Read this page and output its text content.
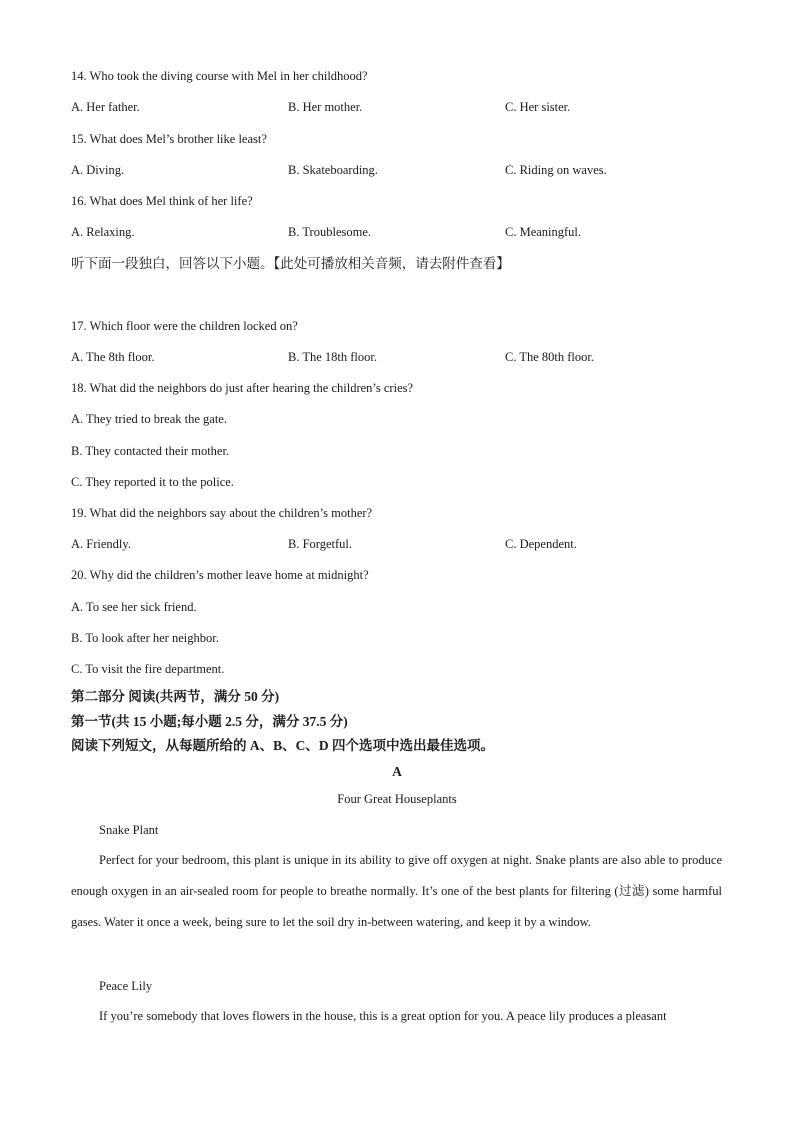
14. Who took the diving course with Mel in her childhood?
A. Her father.	B. Her mother.	C. Her sister.
15. What does Mel’s brother like least?
A. Diving.	B. Skateboarding.	C. Riding on waves.
16. What does Mel think of her life?
A. Relaxing.	B. Troublesome.	C. Meaningful.
听下面一段独白，回答以下小题。【此处可播放相关音频，请去附件查看】
17. Which floor were the children locked on?
A. The 8th floor.	B. The 18th floor.	C. The 80th floor.
18. What did the neighbors do just after hearing the children’s cries?
A. They tried to break the gate.
B. They contacted their mother.
C. They reported it to the police.
19. What did the neighbors say about the children’s mother?
A. Friendly.	B. Forgetful.	C. Dependent.
20. Why did the children’s mother leave home at midnight?
A. To see her sick friend.
B. To look after her neighbor.
C. To visit the fire department.
第二部分 阅读(共两节，满分 50 分)
第一节(共 15 小题;每小题 2.5 分，满分 37.5 分)
阅读下列短文，从每题所给的 A、B、C、D 四个选项中选出最佳选项。
A
Four Great Houseplants
Snake Plant
Perfect for your bedroom, this plant is unique in its ability to give off oxygen at night. Snake plants are also able to produce enough oxygen in an air-sealed room for people to breathe normally. It’s one of the best plants for filtering (过滤) some harmful gases. Water it once a week, being sure to let the soil dry in-between watering, and keep it by a window.
Peace Lily
If you’re somebody that loves flowers in the house, this is a great option for you. A peace lily produces a pleasant
